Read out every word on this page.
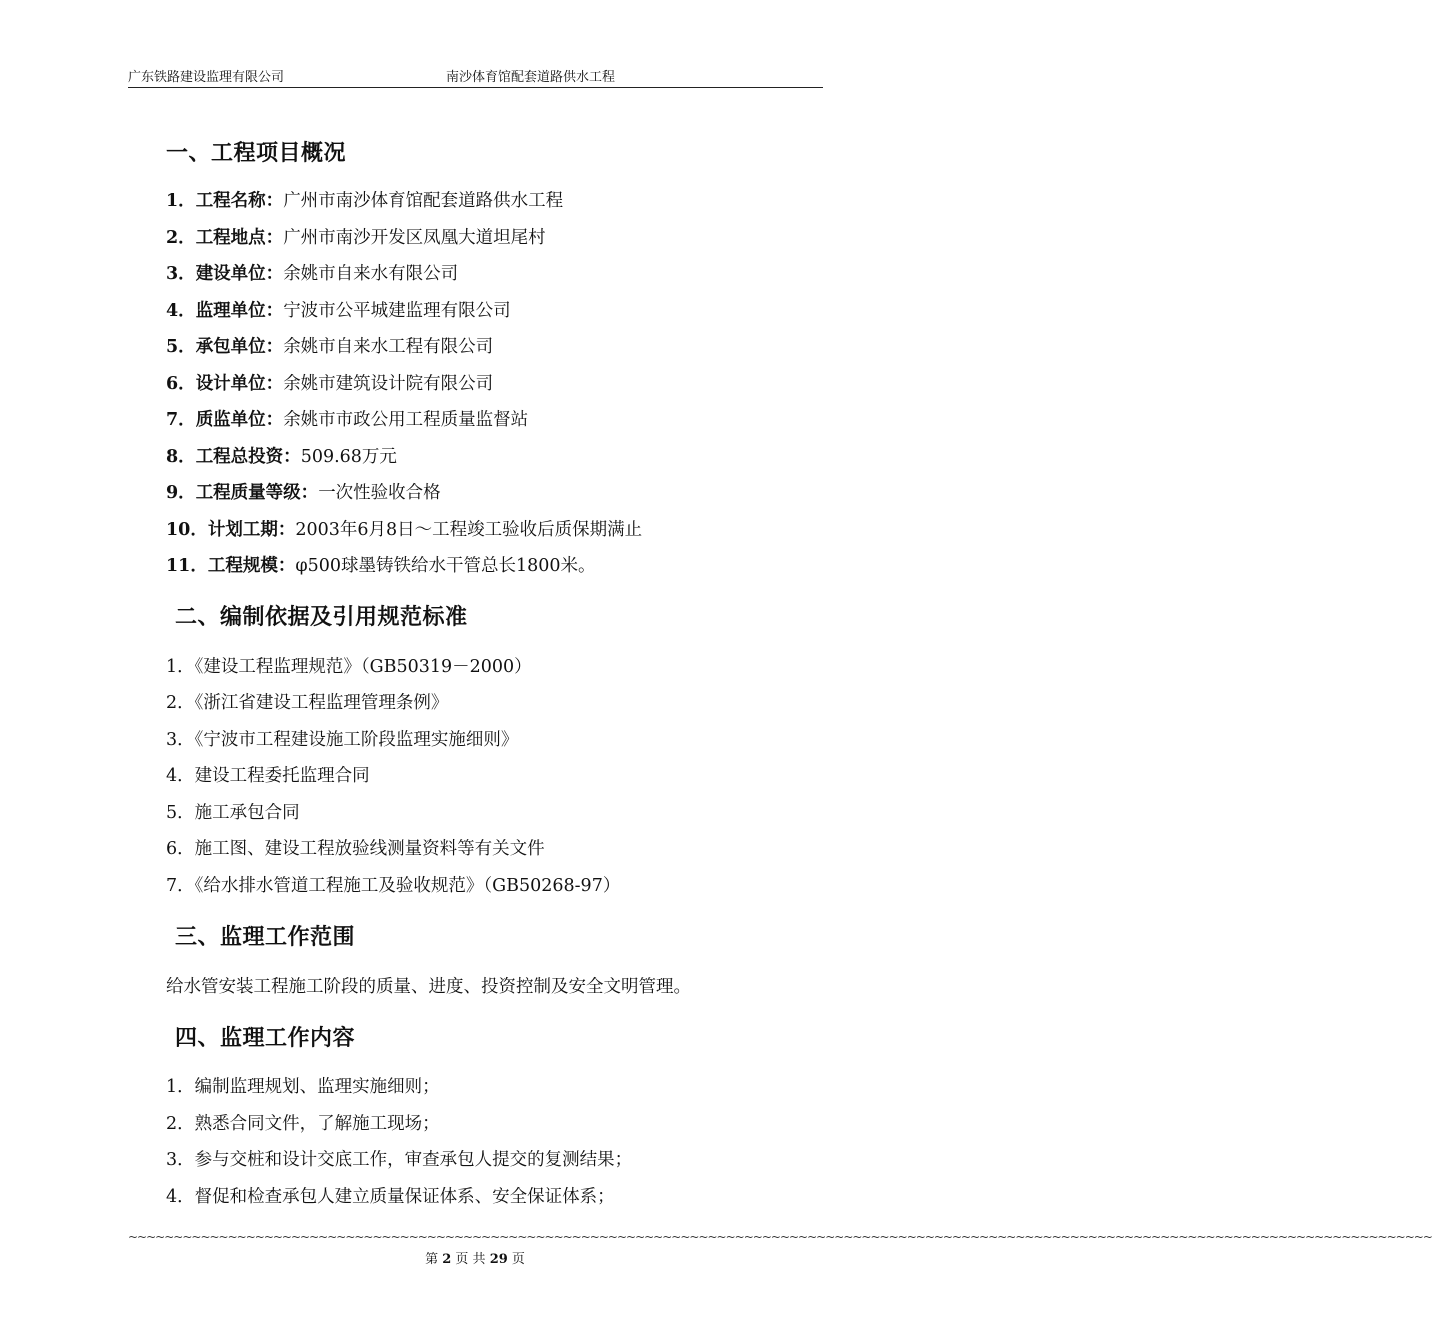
广东铁路建设监理有限公司	南沙体育馆配套道路供水工程
一、工程项目概况
1．工程名称：广州市南沙体育馆配套道路供水工程
2．工程地点：广州市南沙开发区凤凰大道坦尾村
3．建设单位：余姚市自来水有限公司
4．监理单位：宁波市公平城建监理有限公司
5．承包单位：余姚市自来水工程有限公司
6．设计单位：余姚市建筑设计院有限公司
7．质监单位：余姚市市政公用工程质量监督站
8．工程总投资：509.68万元
9．工程质量等级：一次性验收合格
10．计划工期：2003年6月8日～工程竣工验收后质保期满止
11．工程规模：φ500球墨铸铁给水干管总长1800米。
二、编制依据及引用规范标准
1．《建设工程监理规范》（GB50319－2000）
2．《浙江省建设工程监理管理条例》
3．《宁波市工程建设施工阶段监理实施细则》
4．建设工程委托监理合同
5．施工承包合同
6．施工图、建设工程放验线测量资料等有关文件
7．《给水排水管道工程施工及验收规范》（GB50268-97）
三、监理工作范围
给水管安装工程施工阶段的质量、进度、投资控制及安全文明管理。
四、监理工作内容
1．编制监理规划、监理实施细则；
2．熟悉合同文件，了解施工现场；
3．参与交桩和设计交底工作，审查承包人提交的复测结果；
4．督促和检查承包人建立质量保证体系、安全保证体系；
~~~~~~~~~~~~~~~~~~~~~~~~~~~~~~~~~~~~~~~~~~~~~~~~~~~~~~~~~~~~~~~~~~~~~~~~~~~~~~~~~~~~~~~~~~~~~~~~~~~~~~~~~~~~~~~~~~~~~~~~~~~~~~~~~~~~~~~~~~~~~~~~
第 2 页 共 29 页
